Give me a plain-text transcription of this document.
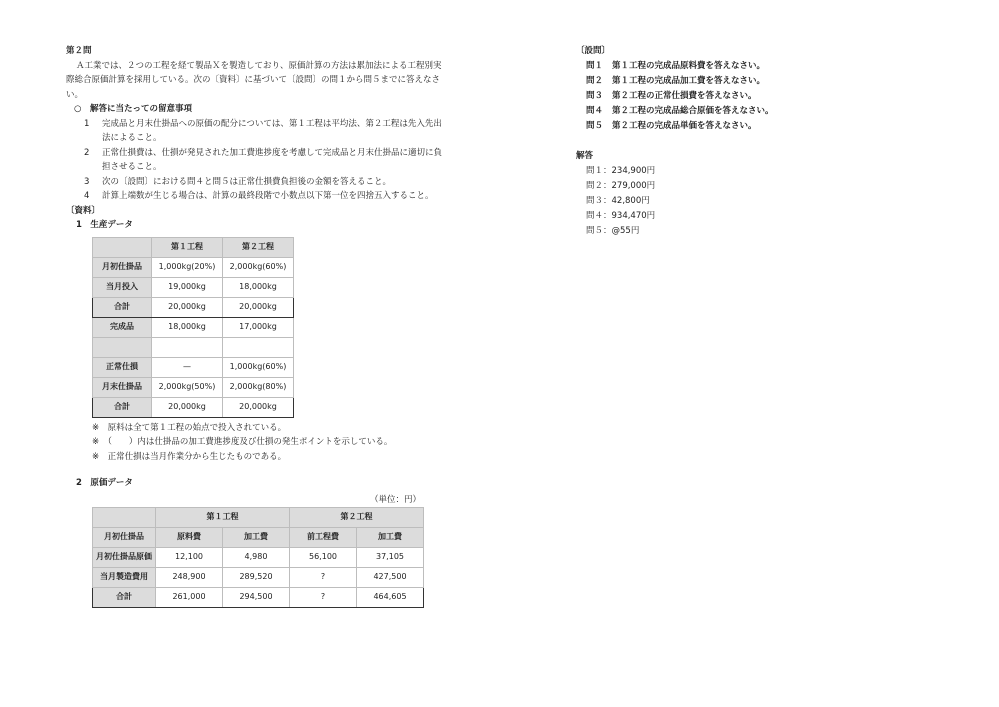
第２問
Ａ工業では、２つの工程を経て製品Ｘを製造しており、原価計算の方法は累加法による工程別実際総合原価計算を採用している。次の〔資料〕に基づいて〔設問〕の問１から問５までに答えなさい。
○　 解答に当たっての留意事項
1	完成品と月末仕掛品への原価の配分については、第１工程は平均法、第２工程は先入先出法によること。
2	正常仕損費は、仕損が発見された加工費進捗度を考慮して完成品と月末仕掛品に適切に負担させること。
3	次の〔設問〕における問４と問５は正常仕損費負担後の金額を答えること。
4	計算上端数が生じる場合は、計算の最終段階で小数点以下第一位を四捨五入すること。
〔資料〕
1　生産データ
	第１工程	第２工程
月初仕掛品	1,000kg(20%)	2,000kg(60%)
当月投入	19,000kg	18,000kg
合計	20,000kg	20,000kg
完成品	18,000kg	17,000kg

正常仕損	—	1,000kg(60%)
月末仕掛品	2,000kg(50%)	2,000kg(80%)
合計	20,000kg	20,000kg
※　原料は全て第１工程の始点で投入されている。
※　（　　）内は仕掛品の加工費進捗度及び仕損の発生ポイントを示している。
※　正常仕損は当月作業分から生じたものである。
2　原価データ
（単位：円）
	第１工程		第２工程	
月初仕掛品	原料費	加工費	前工程費	加工費
月初仕掛品原価	12,100	4,980	56,100	37,105
当月製造費用	248,900	289,520	?	427,500
合計	261,000	294,500	?	464,605
〔設問〕
問１	第１工程の完成品原料費を答えなさい。
問２	第１工程の完成品加工費を答えなさい。
問３	第２工程の正常仕損費を答えなさい。
問４	第２工程の完成品総合原価を答えなさい。
問５	第２工程の完成品単価を答えなさい。
解答
問１：234,900円
問２：279,000円
問３：42,800円
問４：934,470円
問５：@55円
